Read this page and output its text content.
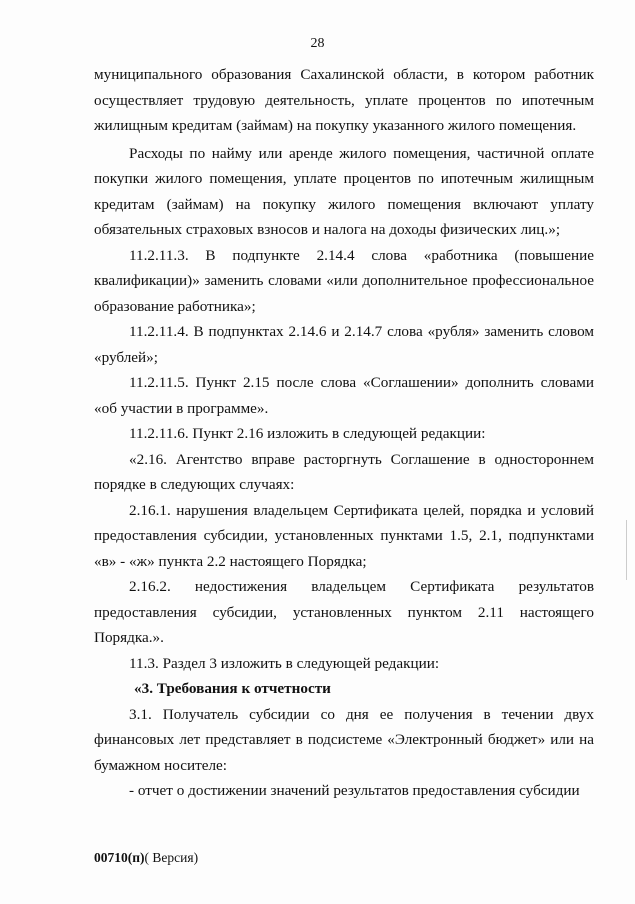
28

муниципального образования Сахалинской области, в котором работник осуществляет трудовую деятельность, уплате процентов по ипотечным жилищным кредитам (займам) на покупку указанного жилого помещения.

Расходы по найму или аренде жилого помещения, частичной оплате покупки жилого помещения, уплате процентов по ипотечным жилищным кредитам (займам) на покупку жилого помещения включают уплату обязательных страховых взносов и налога на доходы физических лиц.»;

11.2.11.3. В подпункте 2.14.4 слова «работника (повышение квалификации)» заменить словами «или дополнительное профессиональное образование работника»;

11.2.11.4. В подпунктах 2.14.6 и 2.14.7 слова «рубля» заменить словом «рублей»;

11.2.11.5. Пункт 2.15 после слова «Соглашении» дополнить словами «об участии в программе».

11.2.11.6. Пункт 2.16 изложить в следующей редакции:

«2.16. Агентство вправе расторгнуть Соглашение в одностороннем порядке в следующих случаях:

2.16.1. нарушения владельцем Сертификата целей, порядка и условий предоставления субсидии, установленных пунктами 1.5, 2.1, подпунктами «в» - «ж» пункта 2.2 настоящего Порядка;

2.16.2. недостижения владельцем Сертификата результатов предоставления субсидии, установленных пунктом 2.11 настоящего Порядка.».

11.3. Раздел 3 изложить в следующей редакции:

«3. Требования к отчетности

3.1. Получатель субсидии со дня ее получения в течении двух финансовых лет представляет в подсистеме «Электронный бюджет» или на бумажном носителе:

- отчет о достижении значений результатов предоставления субсидии

00710(п)( Версия)
